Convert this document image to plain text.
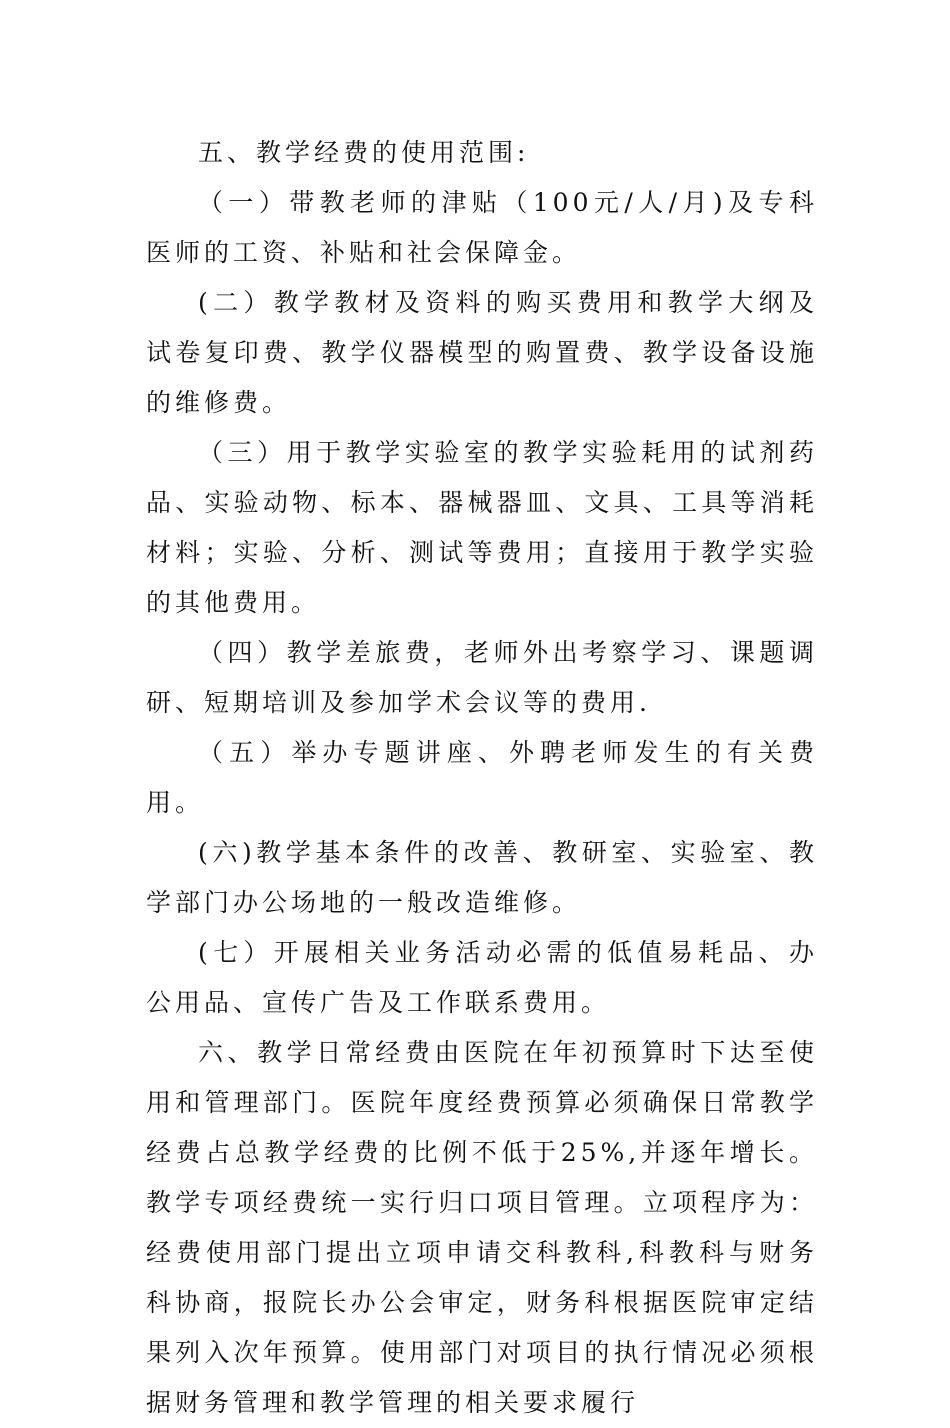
五、教学经费的使用范围:

（一）带教老师的津贴（100元/人/月)及专科医师的工资、补贴和社会保障金。

(二）教学教材及资料的购买费用和教学大纲及试卷复印费、教学仪器模型的购置费、教学设备设施的维修费。

（三）用于教学实验室的教学实验耗用的试剂药品、实验动物、标本、器械器皿、文具、工具等消耗材料；实验、分析、测试等费用；直接用于教学实验的其他费用。

（四）教学差旅费，老师外出考察学习、课题调研、短期培训及参加学术会议等的费用.

（五）举办专题讲座、外聘老师发生的有关费用。

(六)教学基本条件的改善、教研室、实验室、教学部门办公场地的一般改造维修。

(七）开展相关业务活动必需的低值易耗品、办公用品、宣传广告及工作联系费用。

六、教学日常经费由医院在年初预算时下达至使用和管理部门。医院年度经费预算必须确保日常教学经费占总教学经费的比例不低于25%,并逐年增长。教学专项经费统一实行归口项目管理。立项程序为：经费使用部门提出立项申请交科教科,科教科与财务科协商，报院长办公会审定，财务科根据医院审定结果列入次年预算。使用部门对项目的执行情况必须根据财务管理和教学管理的相关要求履行
